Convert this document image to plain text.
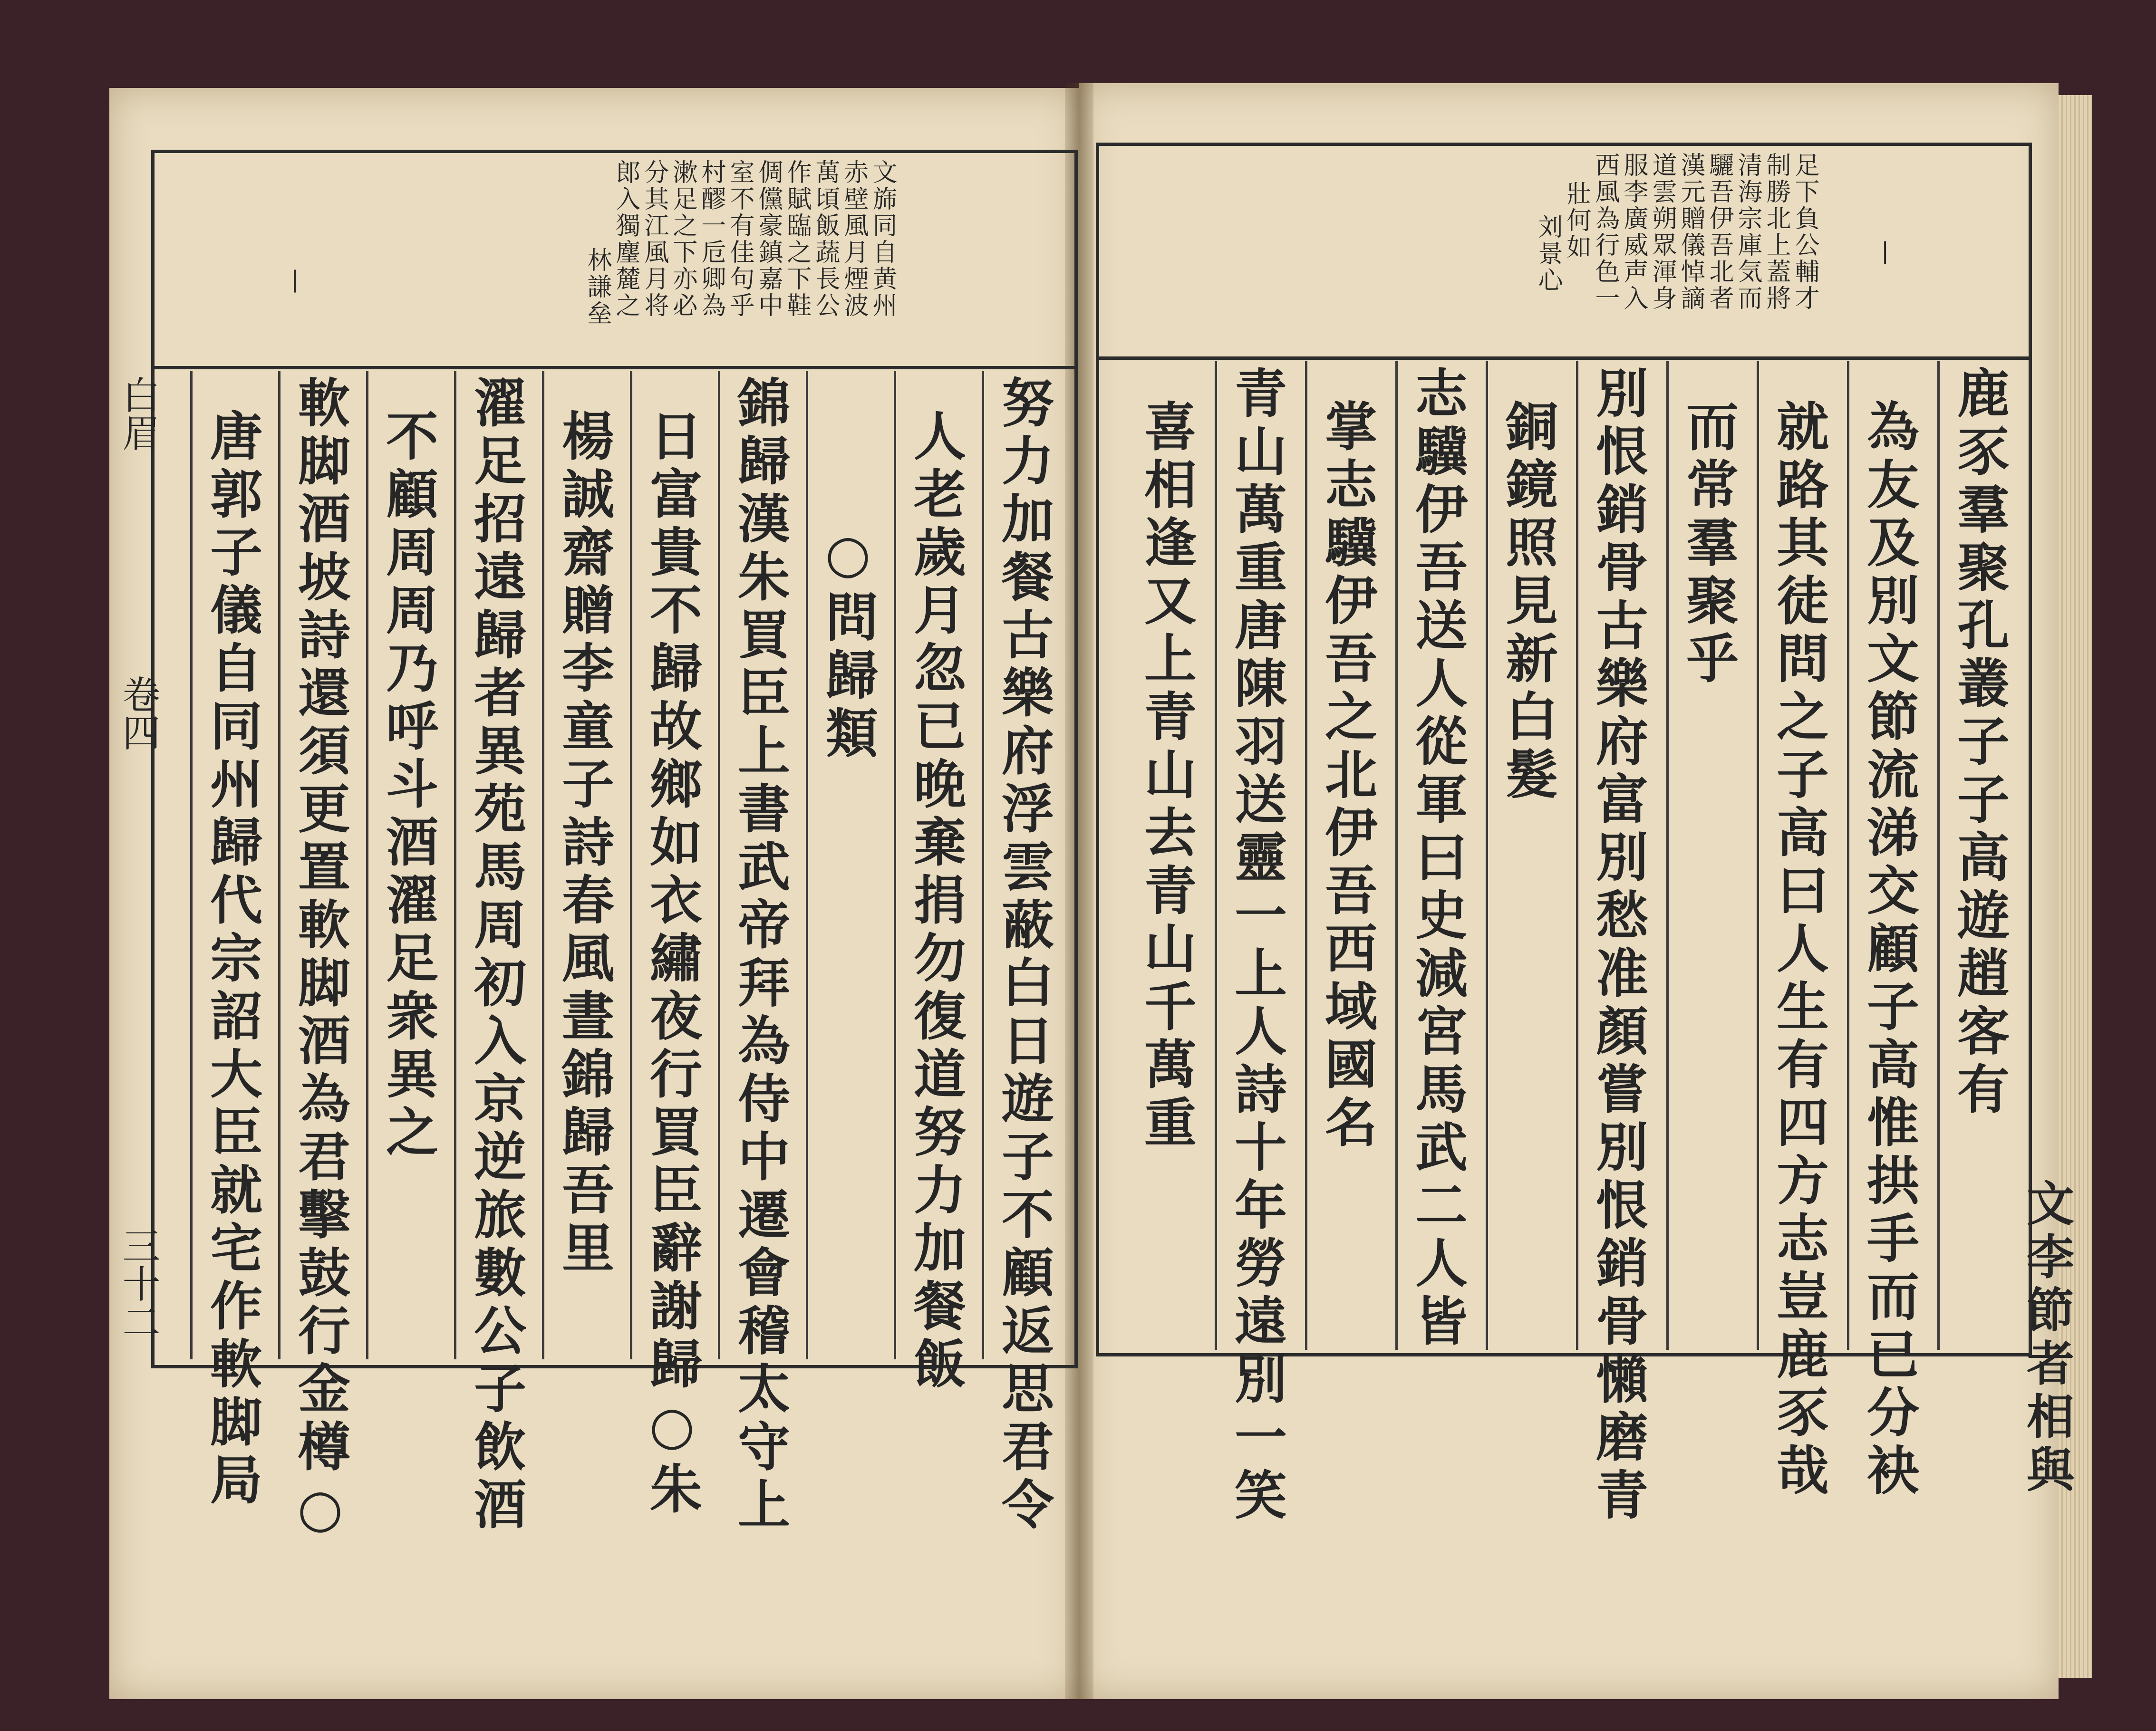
文旆同自黄州
赤壁風月煙波
萬頃飯蔬長公
作賦臨之下鞋
倜儻豪鎮嘉中
室不有佳句乎
村醪一卮卿為
漱足之下亦必
分其江風月将
郎入獨麈麓之
林謙垒
努力加餐古樂府浮雲蔽白日遊子不顧返思君令
人老歲月忽已晚棄捐勿復道努力加餐飯
○問歸類
日富貴不歸故鄉如衣繡夜行買臣辭謝歸○朱 錦歸漢朱買臣上書武帝拜為侍中遷會稽太守上
楊誠齋贈李童子詩春風晝錦歸吾里
濯足招遠歸者異苑馬周初入京逆旅數公子飲酒
不顧周周乃呼斗酒濯足衆異之
軟脚酒坡詩還須更置軟脚酒為君擊鼓行金樽○
唐郭子儀自同州歸代宗詔大臣就宅作軟脚局
白眉
卷四
三十二
足下負公輔才
制勝北上蓋將
清海宗庫気而
驪吾伊吾北者
漢元贈儀悼謫
道雲朔眾渾身
服李廣威声入
西風為行色一
壯何如
刘景心
鹿豕羣聚孔叢子子高遊趙客有
為友及別文節流涕交顧子高惟拱手而已分袂
就路其徒問之子高曰人生有四方志豈鹿豕哉
而常羣聚乎
別恨銷骨古樂府富別愁准顏嘗別恨銷骨懶磨青
銅鏡照見新白髮
志驥伊吾送人從軍曰史減宮馬武二人皆
掌志驥伊吾之北伊吾西域國名
青山萬重唐陳羽送靈一上人詩十年勞遠別一笑
喜相逢又上青山去青山千萬重
文李節者相與
❘
❘
